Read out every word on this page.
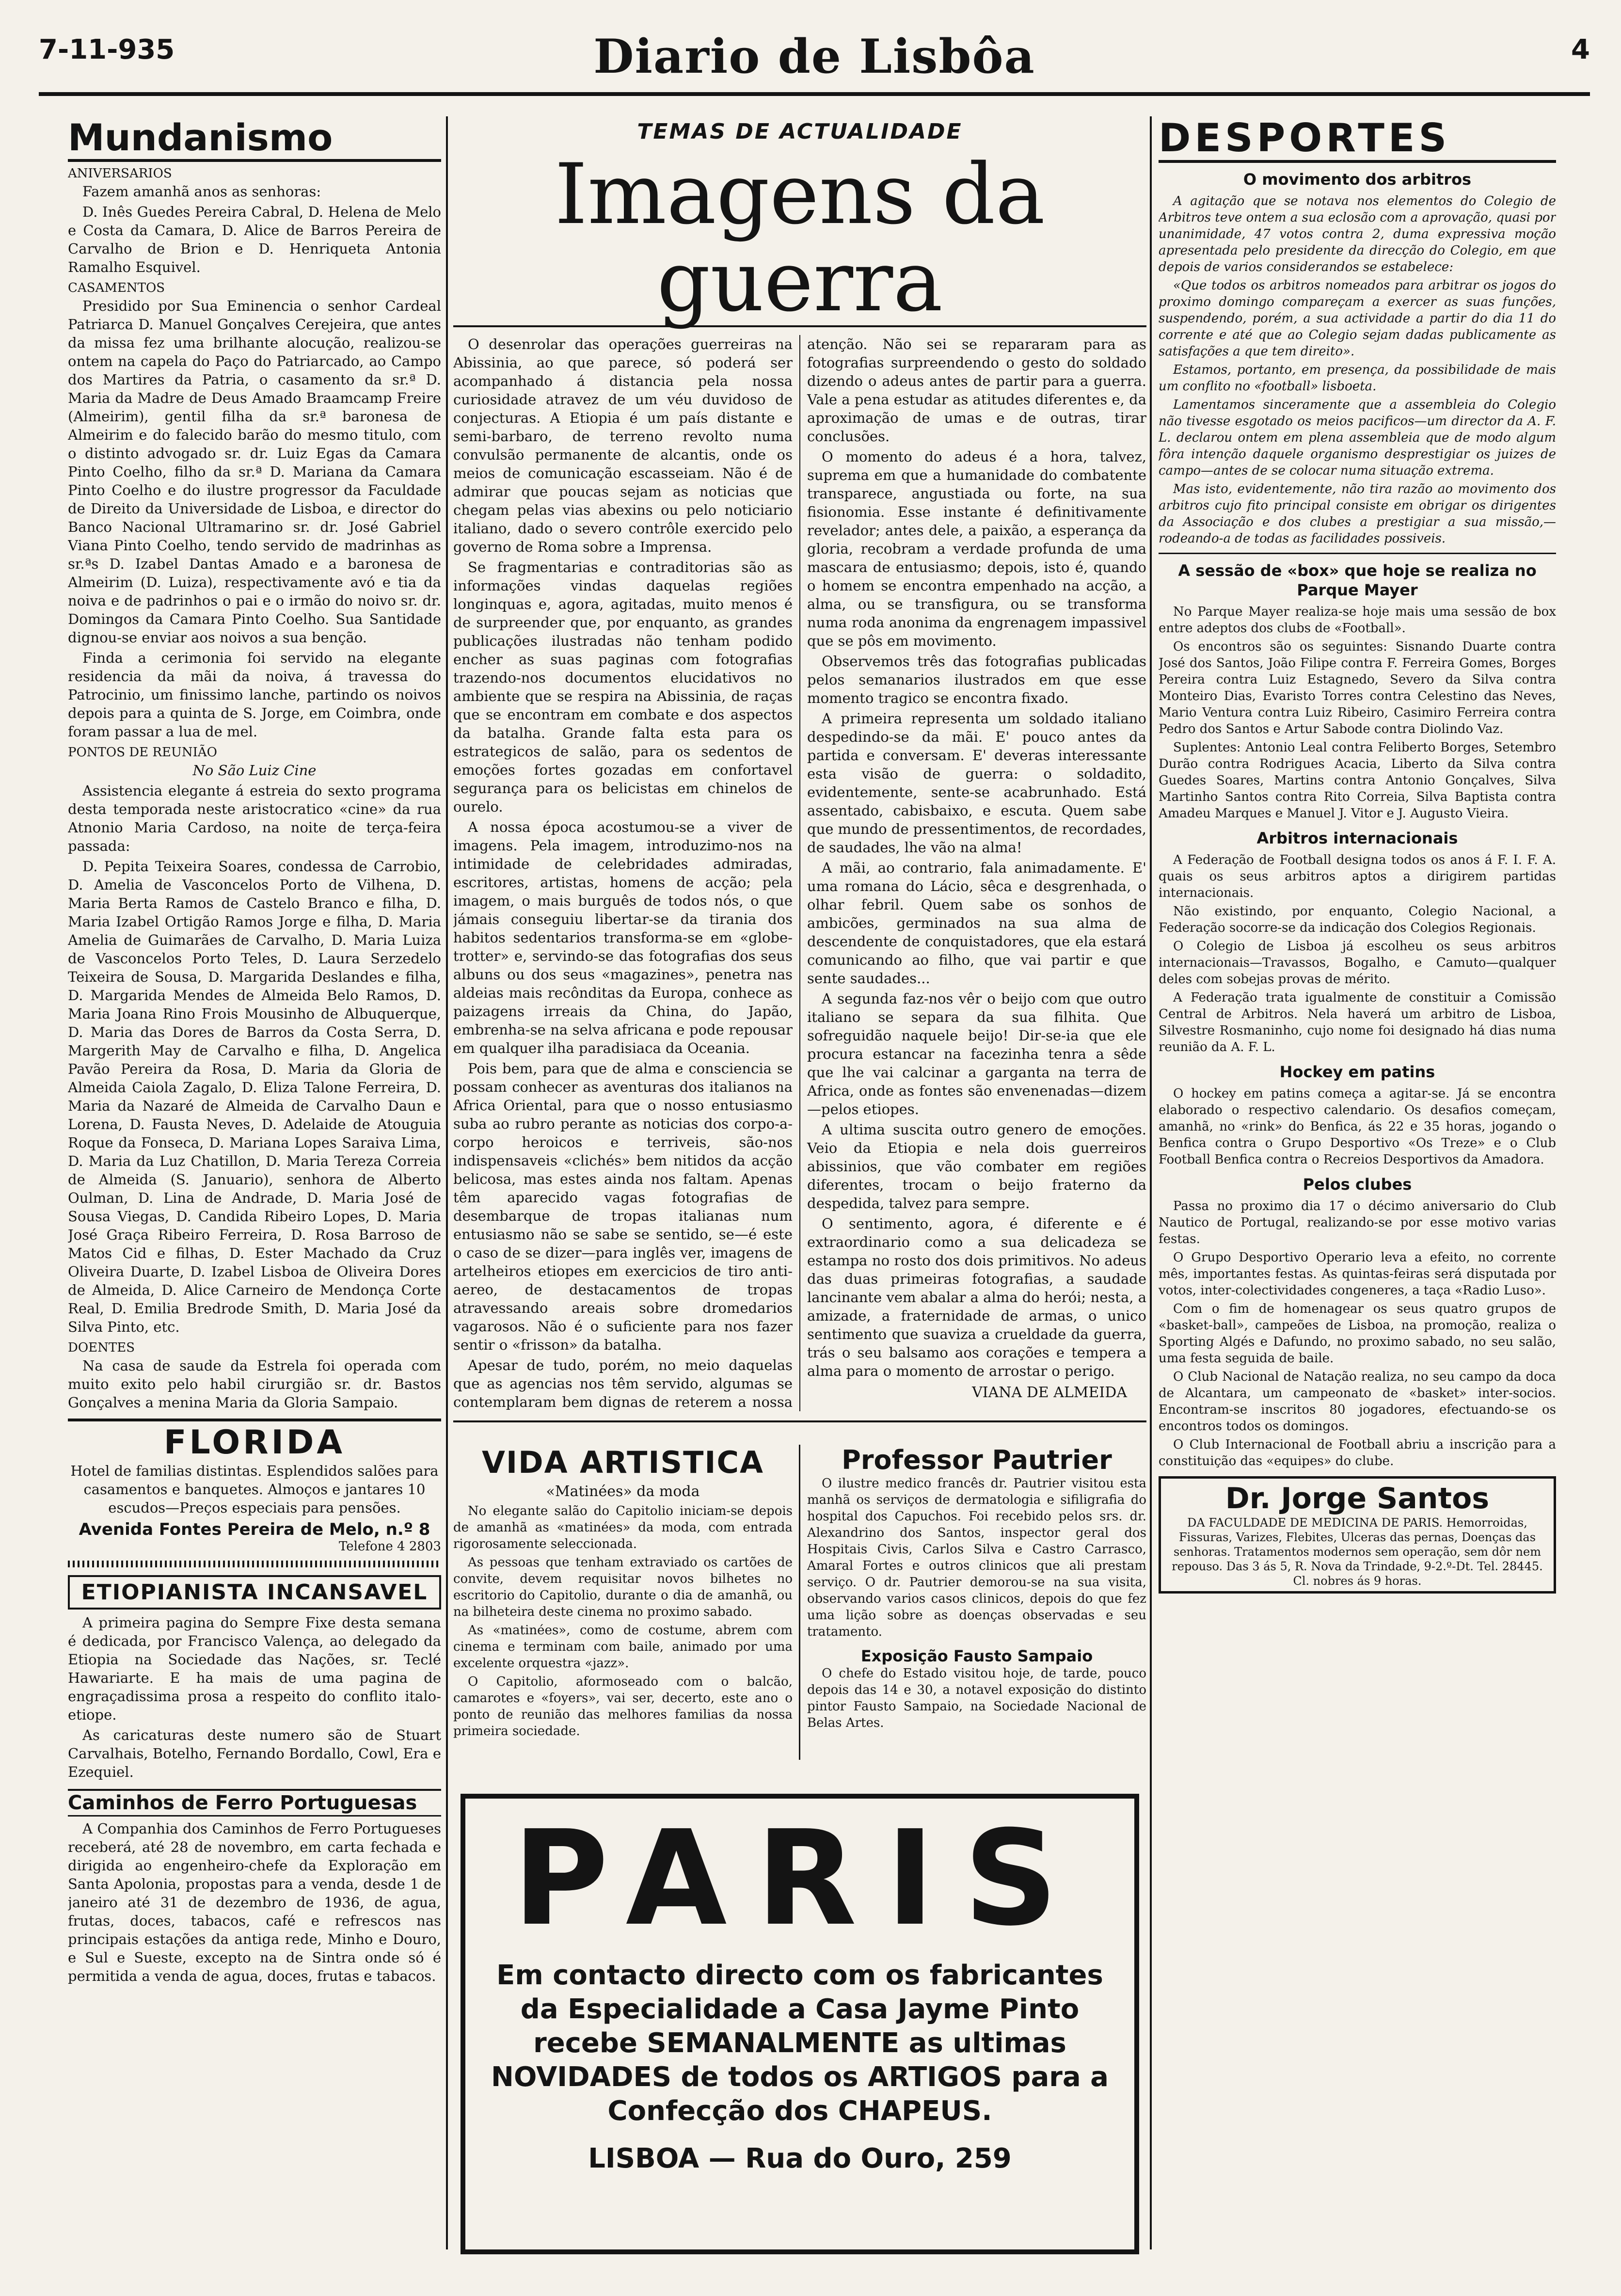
7-11-935	Diario de Lisbôa	4
Mundanismo
ANIVERSARIOS

Fazem amanhã anos as senhoras:

D. Inês Guedes Pereira Cabral, D. Helena de Melo e Costa da Camara, D. Alice de Barros Pereira de Carvalho de Brion e D. Henriqueta Antonia Ramalho Esquivel.

CASAMENTOS

Presidido por Sua Eminencia o senhor Cardeal Patriarca D. Manuel Gonçalves Cerejeira, que antes da missa fez uma brilhante alocução, realizou-se ontem na capela do Paço do Patriarcado, ao Campo dos Martires da Patria, o casamento da sr.ª D. Maria da Madre de Deus Amado Braamcamp Freire (Almeirim), gentil filha da sr.ª baronesa de Almeirim e do falecido barão do mesmo titulo, com o distinto advogado sr. dr. Luiz Egas da Camara Pinto Coelho, filho da sr.ª D. Mariana da Camara Pinto Coelho e do ilustre progressor da Faculdade de Direito da Universidade de Lisboa, e director do Banco Nacional Ultramarino sr. dr. José Gabriel Viana Pinto Coelho, tendo servido de madrinhas as sr.ªs D. Izabel Dantas Amado e a baronesa de Almeirim (D. Luiza), respectivamente avó e tia da noiva e de padrinhos o pai e o irmão do noivo sr. dr. Domingos da Camara Pinto Coelho. Sua Santidade dignou-se enviar aos noivos a sua benção.

Finda a cerimonia foi servido na elegante residencia da mãi da noiva, á travessa do Patrocinio, um finissimo lanche, partindo os noivos depois para a quinta de S. Jorge, em Coimbra, onde foram passar a lua de mel.

PONTOS DE REUNIÃO

No São Luiz Cine

Assistencia elegante á estreia do sexto programa desta temporada neste aristocratico «cine» da rua Atnonio Maria Cardoso, na noite de terça-feira passada:

D. Pepita Teixeira Soares, condessa de Carrobio, D. Amelia de Vasconcelos Porto de Vilhena, D. Maria Berta Ramos de Castelo Branco e filha, D. Maria Izabel Ortigão Ramos Jorge e filha, D. Maria Amelia de Guimarães de Carvalho, D. Maria Luiza de Vasconcelos Porto Teles, D. Laura Serzedelo Teixeira de Sousa, D. Margarida Deslandes e filha, D. Margarida Mendes de Almeida Belo Ramos, D. Maria Joana Rino Frois Mousinho de Albuquerque, D. Maria das Dores de Barros da Costa Serra, D. Margerith May de Carvalho e filha, D. Angelica Pavão Pereira da Rosa, D. Maria da Gloria de Almeida Caiola Zagalo, D. Eliza Talone Ferreira, D. Maria da Nazaré de Almeida de Carvalho Daun e Lorena, D. Fausta Neves, D. Adelaide de Atouguia Roque da Fonseca, D. Mariana Lopes Saraiva Lima, D. Maria da Luz Chatillon, D. Maria Tereza Correia de Almeida (S. Januario), senhora de Alberto Oulman, D. Lina de Andrade, D. Maria José de Sousa Viegas, D. Candida Ribeiro Lopes, D. Maria José Graça Ribeiro Ferreira, D. Rosa Barroso de Matos Cid e filhas, D. Ester Machado da Cruz Oliveira Duarte, D. Izabel Lisboa de Oliveira Dores de Almeida, D. Alice Carneiro de Mendonça Corte Real, D. Emilia Bredrode Smith, D. Maria José da Silva Pinto, etc.

DOENTES

Na casa de saude da Estrela foi operada com muito exito pelo habil cirurgião sr. dr. Bastos Gonçalves a menina Maria da Gloria Sampaio.

FLORIDA

Hotel de familias distintas. Esplendidos salões para casamentos e banquetes. Almoços e jantares 10 escudos—Preços especiais para pensões.

Avenida Fontes Pereira de Melo, n.º 8
Telefone 4 2803
ETIOPIANISTA INCANSAVEL

A primeira pagina do Sempre Fixe desta semana é dedicada, por Francisco Valença, ao delegado da Etiopia na Sociedade das Nações, sr. Teclé Hawariarte. E ha mais de uma pagina de engraçadissima prosa a respeito do conflito italo-etiope.

As caricaturas deste numero são de Stuart Carvalhais, Botelho, Fernando Bordallo, Cowl, Era e Ezequiel.

Caminhos de Ferro Portuguesas

A Companhia dos Caminhos de Ferro Portugueses receberá, até 28 de novembro, em carta fechada e dirigida ao engenheiro-chefe da Exploração em Santa Apolonia, propostas para a venda, desde 1 de janeiro até 31 de dezembro de 1936, de agua, frutas, doces, tabacos, café e refrescos nas principais estações da antiga rede, Minho e Douro, e Sul e Sueste, excepto na de Sintra onde só é permitida a venda de agua, doces, frutas e tabacos.

TEMAS DE ACTUALIDADE
Imagens da guerra

O desenrolar das operações guerreiras na Abissinia, ao que parece, só poderá ser acompanhado á distancia pela nossa curiosidade atravez de um véu duvidoso de conjecturas. A Etiopia é um país distante e semi-barbaro, de terreno revolto numa convulsão permanente de alcantis, onde os meios de comunicação escasseiam. Não é de admirar que poucas sejam as noticias que chegam pelas vias abexins ou pelo noticiario italiano, dado o severo contrôle exercido pelo governo de Roma sobre a Imprensa.

Se fragmentarias e contraditorias são as informações vindas daquelas regiões longinquas e, agora, agitadas, muito menos é de surpreender que, por enquanto, as grandes publicações ilustradas não tenham podido encher as suas paginas com fotografias trazendo-nos documentos elucidativos no ambiente que se respira na Abissinia, de raças que se encontram em combate e dos aspectos da batalha. Grande falta esta para os estrategicos de salão, para os sedentos de emoções fortes gozadas em confortavel segurança para os belicistas em chinelos de ourelo.

A nossa época acostumou-se a viver de imagens. Pela imagem, introduzimo-nos na intimidade de celebridades admiradas, escritores, artistas, homens de acção; pela imagem, o mais burguês de todos nós, o que jámais conseguiu libertar-se da tirania dos habitos sedentarios transforma-se em «globe-trotter» e, servindo-se das fotografias dos seus albuns ou dos seus «magazines», penetra nas aldeias mais recônditas da Europa, conhece as paizagens irreais da China, do Japão, embrenha-se na selva africana e pode repousar em qualquer ilha paradisiaca da Oceania.

Pois bem, para que de alma e consciencia se possam conhecer as aventuras dos italianos na Africa Oriental, para que o nosso entusiasmo suba ao rubro perante as noticias dos corpo-a-corpo heroicos e terriveis, são-nos indispensaveis «clichés» bem nitidos da acção belicosa, mas estes ainda nos faltam. Apenas têm aparecido vagas fotografias de desembarque de tropas italianas num entusiasmo não se sabe se sentido, se—é este o caso de se dizer—para inglês ver, imagens de artelheiros etiopes em exercicios de tiro anti-aereo, de destacamentos de tropas atravessando areais sobre dromedarios vagarosos. Não é o suficiente para nos fazer sentir o «frisson» da batalha.

Apesar de tudo, porém, no meio daquelas que as agencias nos têm servido, algumas se contemplaram bem dignas de reterem a nossa atenção. Não sei se repararam para as fotografias surpreendendo o gesto do soldado dizendo o adeus antes de partir para a guerra. Vale a pena estudar as atitudes diferentes e, da aproximação de umas e de outras, tirar conclusões.

O momento do adeus é a hora, talvez, suprema em que a humanidade do combatente transparece, angustiada ou forte, na sua fisionomia. Esse instante é definitivamente revelador; antes dele, a paixão, a esperança da gloria, recobram a verdade profunda de uma mascara de entusiasmo; depois, isto é, quando o homem se encontra empenhado na acção, a alma, ou se transfigura, ou se transforma numa roda anonima da engrenagem impassivel que se pôs em movimento.

Observemos três das fotografias publicadas pelos semanarios ilustrados em que esse momento tragico se encontra fixado.

A primeira representa um soldado italiano despedindo-se da mãi. E' pouco antes da partida e conversam. E' deveras interessante esta visão de guerra: o soldadito, evidentemente, sente-se acabrunhado. Está assentado, cabisbaixo, e escuta. Quem sabe que mundo de pressentimentos, de recordades, de saudades, lhe vão na alma!

A mãi, ao contrario, fala animadamente. E' uma romana do Lácio, sêca e desgrenhada, o olhar febril. Quem sabe os sonhos de ambicões, germinados na sua alma de descendente de conquistadores, que ela estará comunicando ao filho, que vai partir e que sente saudades...

A segunda faz-nos vêr o beijo com que outro italiano se separa da sua filhita. Que sofreguidão naquele beijo! Dir-se-ia que ele procura estancar na facezinha tenra a sêde que lhe vai calcinar a garganta na terra de Africa, onde as fontes são envenenadas—dizem—pelos etiopes.

A ultima suscita outro genero de emoções. Veio da Etiopia e nela dois guerreiros abissinios, que vão combater em regiões diferentes, trocam o beijo fraterno da despedida, talvez para sempre.

O sentimento, agora, é diferente e é extraordinario como a sua delicadeza se estampa no rosto dos dois primitivos. No adeus das duas primeiras fotografias, a saudade lancinante vem abalar a alma do herói; nesta, a amizade, a fraternidade de armas, o unico sentimento que suaviza a crueldade da guerra, trás o seu balsamo aos corações e tempera a alma para o momento de arrostar o perigo.

VIANA DE ALMEIDA
VIDA ARTISTICA
«Matinées» da moda

No elegante salão do Capitolio iniciam-se depois de amanhã as «matinées» da moda, com entrada rigorosamente seleccionada.

As pessoas que tenham extraviado os cartões de convite, devem requisitar novos bilhetes no escritorio do Capitolio, durante o dia de amanhã, ou na bilheteira deste cinema no proximo sabado.

As «matinées», como de costume, abrem com cinema e terminam com baile, animado por uma excelente orquestra «jazz».

O Capitolio, aformoseado com o balcão, camarotes e «foyers», vai ser, decerto, este ano o ponto de reunião das melhores familias da nossa primeira sociedade.

Professor Pautrier

O ilustre medico francês dr. Pautrier visitou esta manhã os serviços de dermatologia e sifiligrafia do hospital dos Capuchos. Foi recebido pelos srs. dr. Alexandrino dos Santos, inspector geral dos Hospitais Civis, Carlos Silva e Castro Carrasco, Amaral Fortes e outros clinicos que ali prestam serviço. O dr. Pautrier demorou-se na sua visita, observando varios casos clinicos, depois do que fez uma lição sobre as doenças observadas e seu tratamento.

Exposição Fausto Sampaio

O chefe do Estado visitou hoje, de tarde, pouco depois das 14 e 30, a notavel exposição do distinto pintor Fausto Sampaio, na Sociedade Nacional de Belas Artes.

PARIS
Em contacto directo com os fabricantes da Especialidade a Casa Jayme Pinto recebe SEMANALMENTE as ultimas NOVIDADES de todos os ARTIGOS para a Confecção dos CHAPEUS.
LISBOA — Rua do Ouro, 259
DESPORTES
O movimento dos arbitros

A agitação que se notava nos elementos do Colegio de Arbitros teve ontem a sua eclosão com a aprovação, quasi por unanimidade, 47 votos contra 2, duma expressiva moção apresentada pelo presidente da direcção do Colegio, em que depois de varios considerandos se estabelece:

«Que todos os arbitros nomeados para arbitrar os jogos do proximo domingo compareçam a exercer as suas funções, suspendendo, porém, a sua actividade a partir do dia 11 do corrente e até que ao Colegio sejam dadas publicamente as satisfações a que tem direito».

Estamos, portanto, em presença, da possibilidade de mais um conflito no «football» lisboeta.

Lamentamos sinceramente que a assembleia do Colegio não tivesse esgotado os meios pacificos—um director da A. F. L. declarou ontem em plena assembleia que de modo algum fôra intenção daquele organismo desprestigiar os juizes de campo—antes de se colocar numa situação extrema.

Mas isto, evidentemente, não tira razão ao movimento dos arbitros cujo fito principal consiste em obrigar os dirigentes da Associação e dos clubes a prestigiar a sua missão,—rodeando-a de todas as facilidades possiveis.

A sessão de «box» que hoje se realiza no Parque Mayer

No Parque Mayer realiza-se hoje mais uma sessão de box entre adeptos dos clubs de «Football».

Os encontros são os seguintes: Sisnando Duarte contra José dos Santos, João Filipe contra F. Ferreira Gomes, Borges Pereira contra Luiz Estagnedo, Severo da Silva contra Monteiro Dias, Evaristo Torres contra Celestino das Neves, Mario Ventura contra Luiz Ribeiro, Casimiro Ferreira contra Pedro dos Santos e Artur Sabode contra Diolindo Vaz.

Suplentes: Antonio Leal contra Feliberto Borges, Setembro Durão contra Rodrigues Acacia, Liberto da Silva contra Guedes Soares, Martins contra Antonio Gonçalves, Silva Martinho Santos contra Rito Correia, Silva Baptista contra Amadeu Marques e Manuel J. Vitor e J. Augusto Vieira.

Arbitros internacionais

A Federação de Football designa todos os anos á F. I. F. A. quais os seus arbitros aptos a dirigirem partidas internacionais.

Não existindo, por enquanto, Colegio Nacional, a Federação socorre-se da indicação dos Colegios Regionais.

O Colegio de Lisboa já escolheu os seus arbitros internacionais—Travassos, Bogalho, e Camuto—qualquer deles com sobejas provas de mérito.

A Federação trata igualmente de constituir a Comissão Central de Arbitros. Nela haverá um arbitro de Lisboa, Silvestre Rosmaninho, cujo nome foi designado há dias numa reunião da A. F. L.

Hockey em patins

O hockey em patins começa a agitar-se. Já se encontra elaborado o respectivo calendario. Os desafios começam, amanhã, no «rink» do Benfica, ás 22 e 35 horas, jogando o Benfica contra o Grupo Desportivo «Os Treze» e o Club Football Benfica contra o Recreios Desportivos da Amadora.

Pelos clubes

Passa no proximo dia 17 o décimo aniversario do Club Nautico de Portugal, realizando-se por esse motivo varias festas.

O Grupo Desportivo Operario leva a efeito, no corrente mês, importantes festas. As quintas-feiras será disputada por votos, inter-colectividades congeneres, a taça «Radio Luso».

Com o fim de homenagear os seus quatro grupos de «basket-ball», campeões de Lisboa, na promoção, realiza o Sporting Algés e Dafundo, no proximo sabado, no seu salão, uma festa seguida de baile.

O Club Nacional de Natação realiza, no seu campo da doca de Alcantara, um campeonato de «basket» inter-socios. Encontram-se inscritos 80 jogadores, efectuando-se os encontros todos os domingos.

O Club Internacional de Football abriu a inscrição para a constituição das «equipes» do clube.

Dr. Jorge Santos
DA FACULDADE DE MEDICINA DE PARIS. Hemorroidas, Fissuras, Varizes, Flebites, Ulceras das pernas, Doenças das senhoras. Tratamentos modernos sem operação, sem dôr nem repouso. Das 3 ás 5, R. Nova da Trindade, 9-2.º-Dt. Tel. 28445. Cl. nobres ás 9 horas.
